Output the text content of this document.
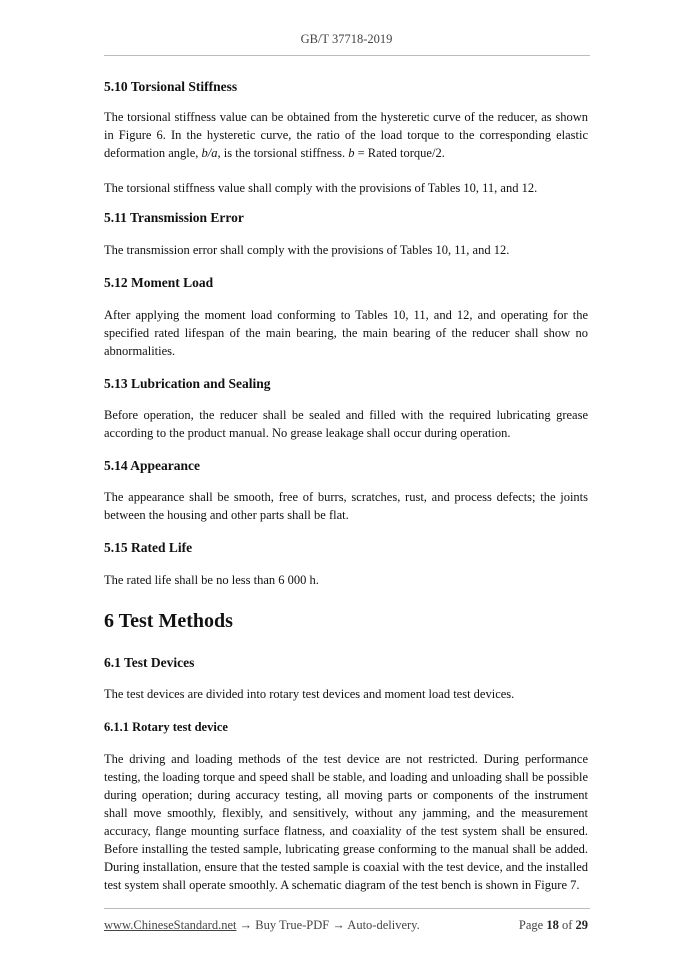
GB/T 37718-2019
5.10 Torsional Stiffness

The torsional stiffness value can be obtained from the hysteretic curve of the reducer, as shown in Figure 6. In the hysteretic curve, the ratio of the load torque to the corresponding elastic deformation angle, b/a, is the torsional stiffness. b = Rated torque/2.

The torsional stiffness value shall comply with the provisions of Tables 10, 11, and 12.

5.11 Transmission Error

The transmission error shall comply with the provisions of Tables 10, 11, and 12.

5.12 Moment Load

After applying the moment load conforming to Tables 10, 11, and 12, and operating for the specified rated lifespan of the main bearing, the main bearing of the reducer shall show no abnormalities.

5.13 Lubrication and Sealing

Before operation, the reducer shall be sealed and filled with the required lubricating grease according to the product manual. No grease leakage shall occur during operation.

5.14 Appearance

The appearance shall be smooth, free of burrs, scratches, rust, and process defects; the joints between the housing and other parts shall be flat.

5.15 Rated Life

The rated life shall be no less than 6 000 h.

6 Test Methods
6.1 Test Devices

The test devices are divided into rotary test devices and moment load test devices.

6.1.1 Rotary test device

The driving and loading methods of the test device are not restricted. During performance testing, the loading torque and speed shall be stable, and loading and unloading shall be possible during operation; during accuracy testing, all moving parts or components of the instrument shall move smoothly, flexibly, and sensitively, without any jamming, and the measurement accuracy, flange mounting surface flatness, and coaxiality of the test system shall be ensured. Before installing the tested sample, lubricating grease conforming to the manual shall be added. During installation, ensure that the tested sample is coaxial with the test device, and the installed test system shall operate smoothly. A schematic diagram of the test bench is shown in Figure 7.

www.ChineseStandard.net → Buy True-PDF → Auto-delivery.	Page 18 of 29
